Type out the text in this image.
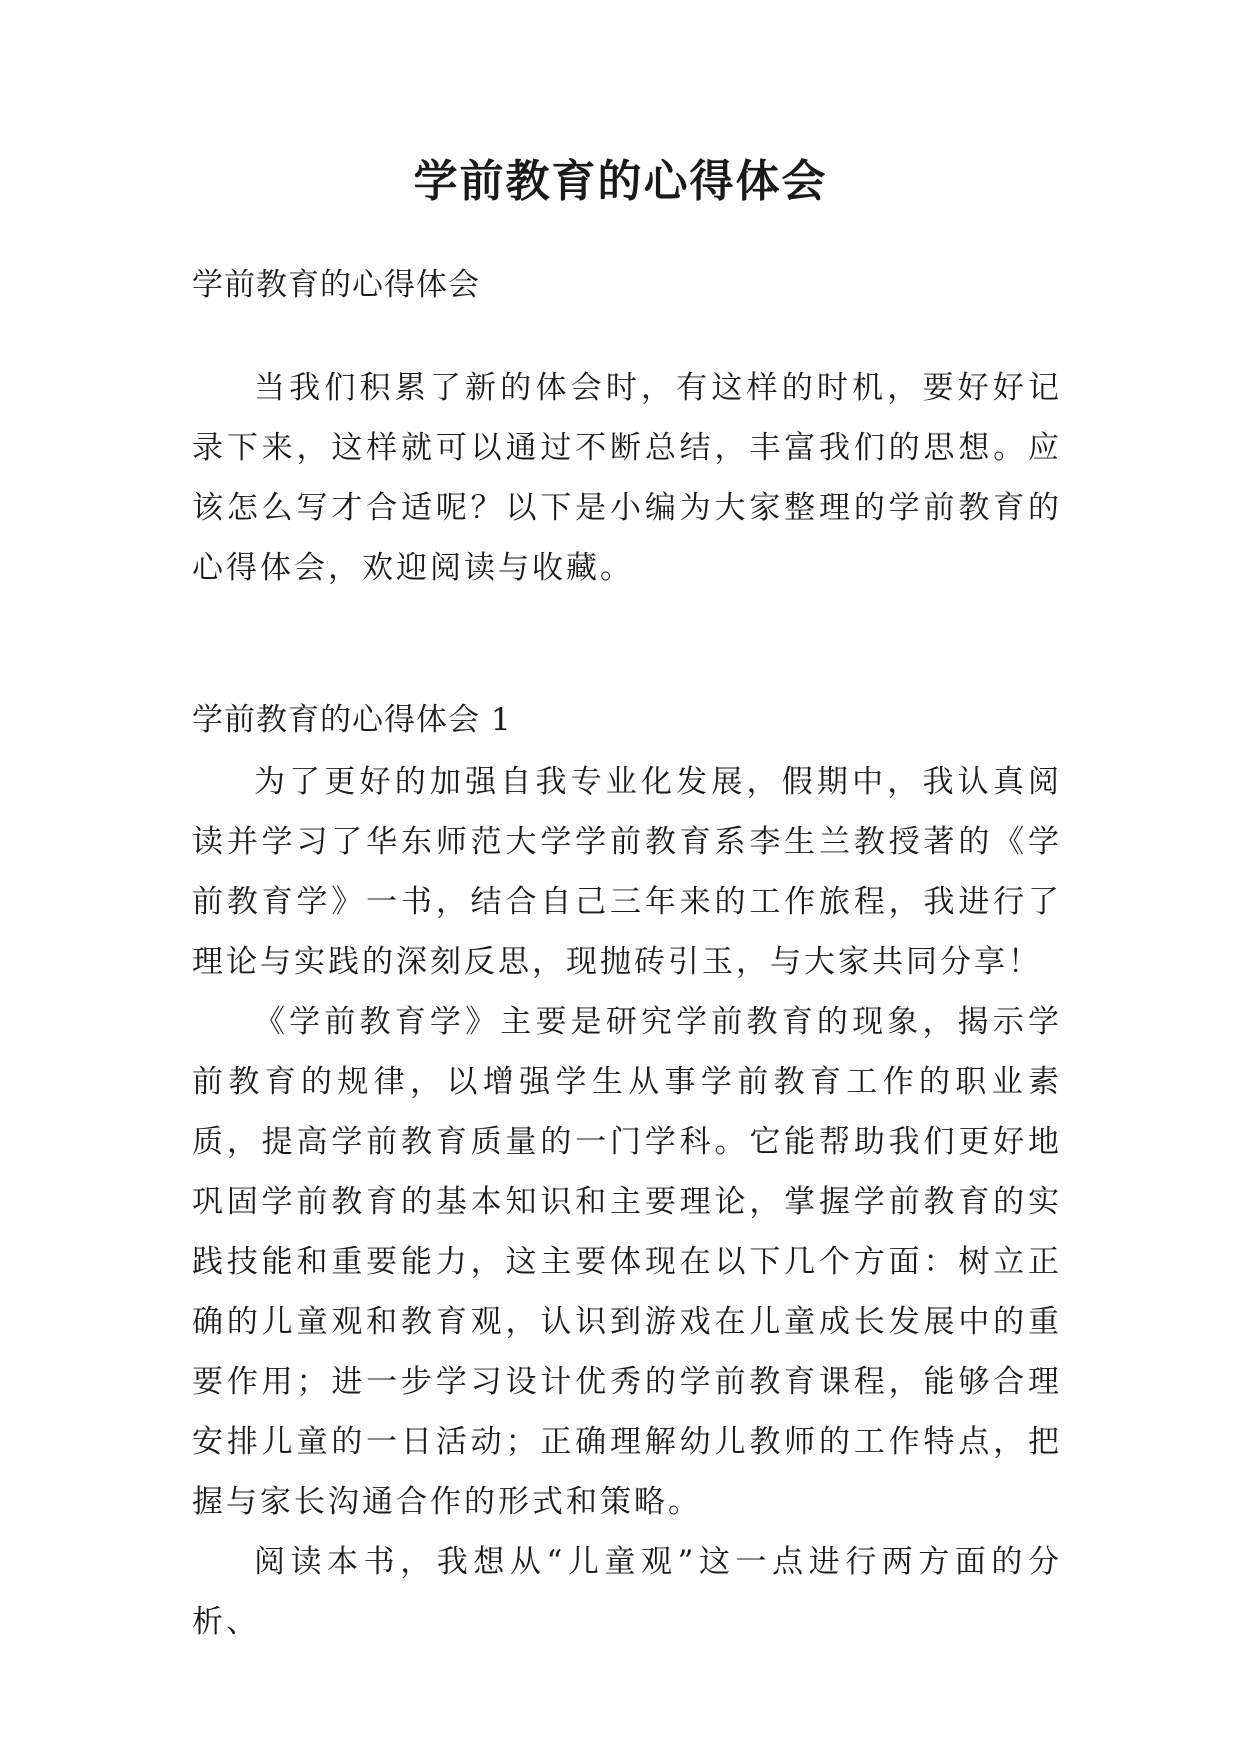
学前教育的心得体会

学前教育的心得体会

当我们积累了新的体会时，有这样的时机，要好好记录下来，这样就可以通过不断总结，丰富我们的思想。应该怎么写才合适呢？以下是小编为大家整理的学前教育的心得体会，欢迎阅读与收藏。

学前教育的心得体会 1

为了更好的加强自我专业化发展，假期中，我认真阅读并学习了华东师范大学学前教育系李生兰教授著的《学前教育学》一书，结合自己三年来的工作旅程，我进行了理论与实践的深刻反思，现抛砖引玉，与大家共同分享！

《学前教育学》主要是研究学前教育的现象，揭示学前教育的规律，以增强学生从事学前教育工作的职业素质，提高学前教育质量的一门学科。它能帮助我们更好地巩固学前教育的基本知识和主要理论，掌握学前教育的实践技能和重要能力，这主要体现在以下几个方面：树立正确的儿童观和教育观，认识到游戏在儿童成长发展中的重要作用；进一步学习设计优秀的学前教育课程，能够合理安排儿童的一日活动；正确理解幼儿教师的工作特点，把握与家长沟通合作的形式和策略。

阅读本书，我想从“儿童观”这一点进行两方面的分析、
